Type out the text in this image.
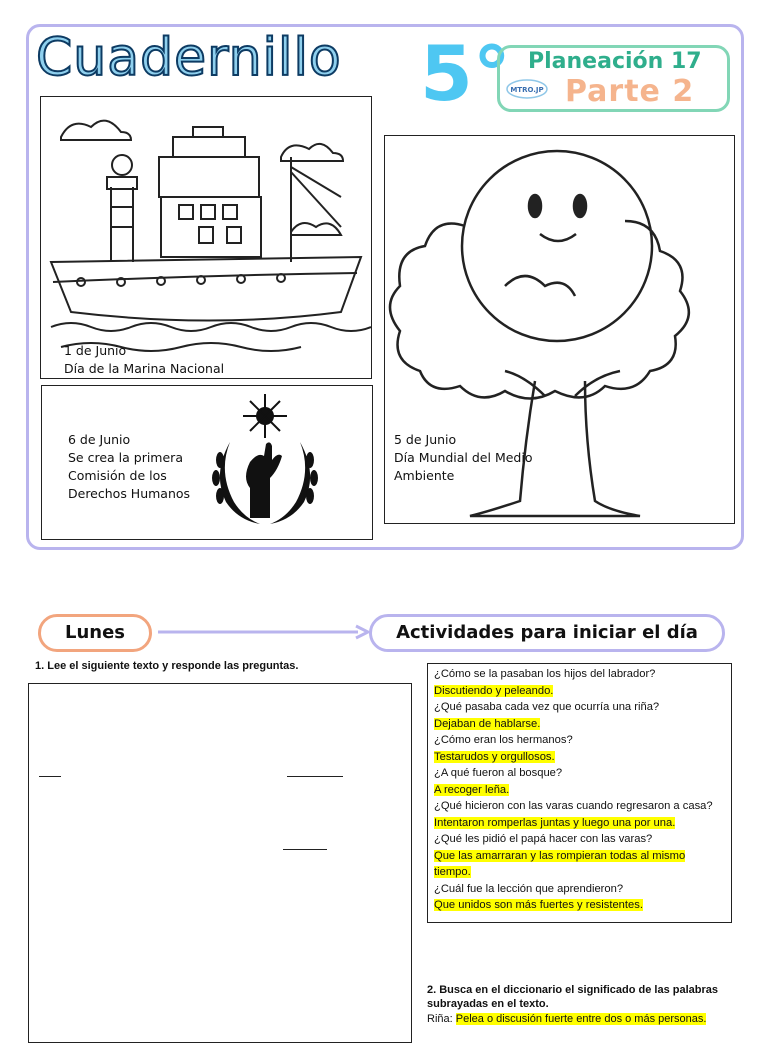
Cuadernillo 5° Planeación 17
Parte 2
MTRO.JP
1 de Junio
Día de la Marina Nacional
5 de Junio
Día Mundial del Medio
Ambiente
6 de Junio
Se crea la primera
Comisión de los
Derechos Humanos
Lunes	Actividades para iniciar el día
1. Lee el siguiente texto y responde las preguntas.
¿Cómo se la pasaban los hijos del labrador?
Discutiendo y peleando.
¿Qué pasaba cada vez que ocurría una riña?
Dejaban de hablarse.
¿Cómo eran los hermanos?
Testarudos y orgullosos.
¿A qué fueron al bosque?
A recoger leña.
¿Qué hicieron con las varas cuando regresaron a casa?
Intentaron romperlas juntas y luego una por una.
¿Qué les pidió el papá hacer con las varas?
Que las amarraran y las rompieran todas al mismo
tiempo.
¿Cuál fue la lección que aprendieron?
Que unidos son más fuertes y resistentes.
2. Busca en el diccionario el significado de las palabras subrayadas en el texto.
Riña: Pelea o discusión fuerte entre dos o más personas.
